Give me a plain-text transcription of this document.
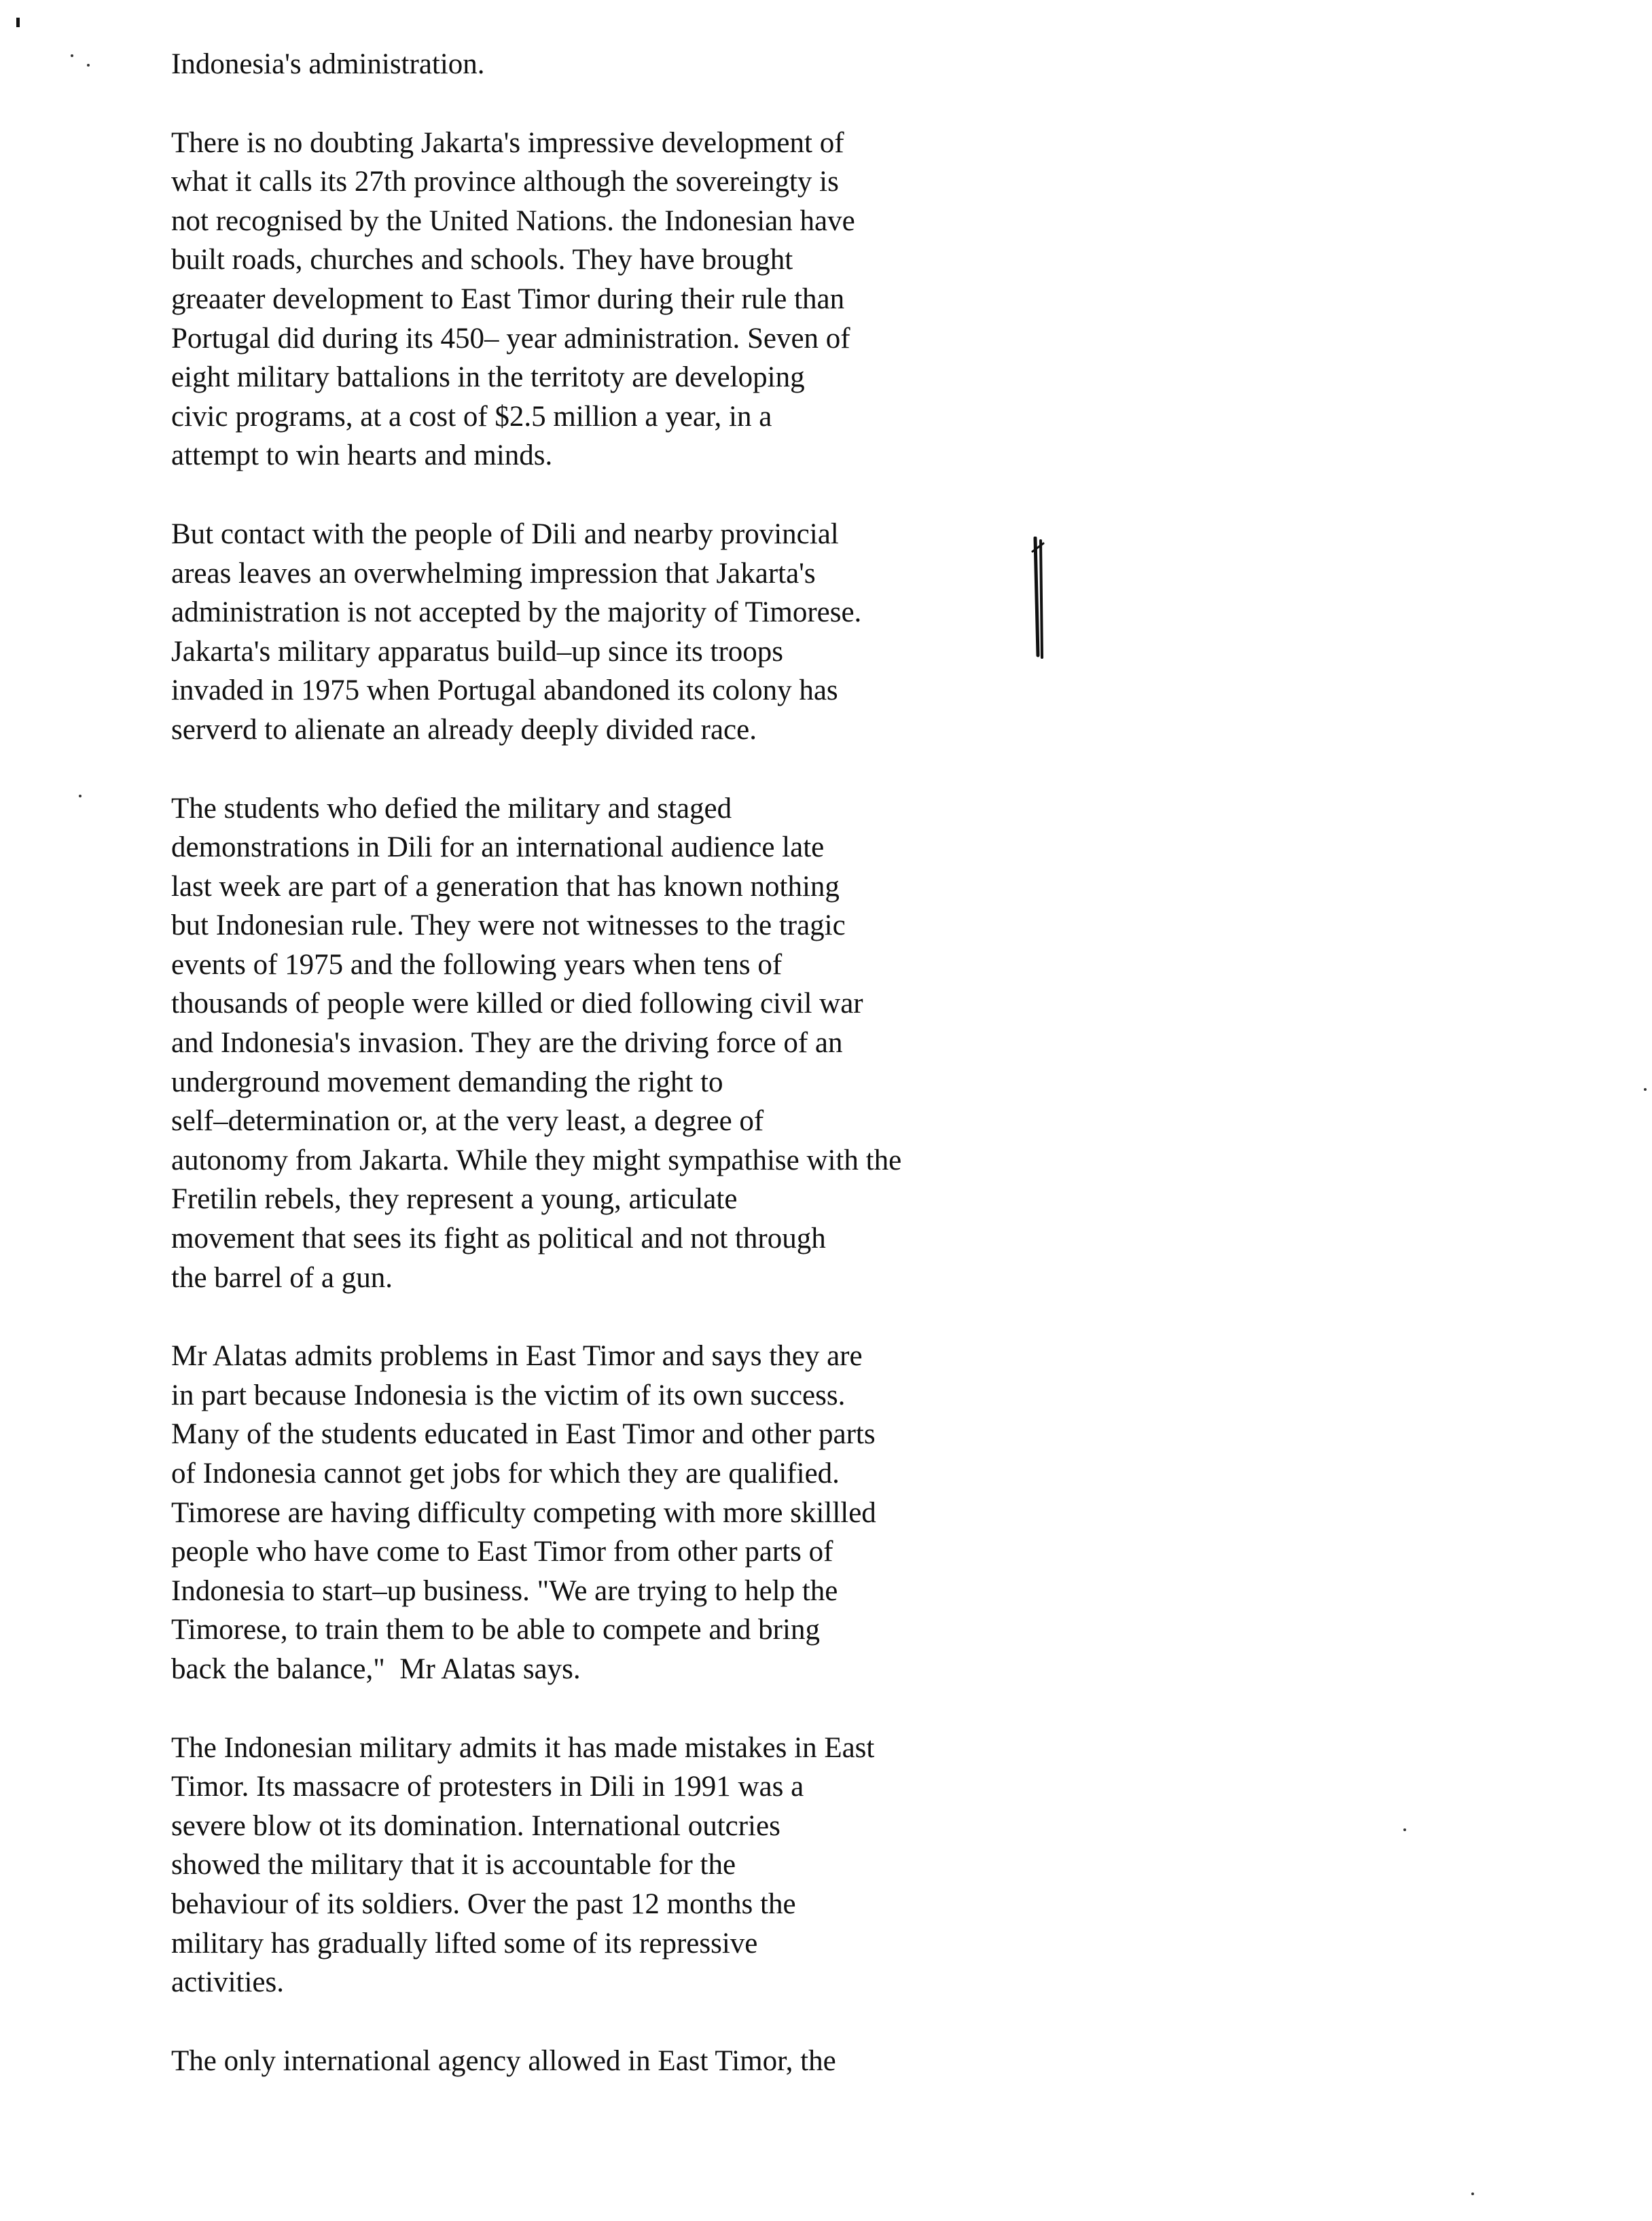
Indonesia's administration.

There is no doubting Jakarta's impressive development of
what it calls its 27th province although the sovereingty is
not recognised by the United Nations. the Indonesian have
built roads, churches and schools. They have brought
greaater development to East Timor during their rule than
Portugal did during its 450– year administration. Seven of
eight military battalions in the territoty are developing
civic programs, at a cost of $2.5 million a year, in a
attempt to win hearts and minds.

But contact with the people of Dili and nearby provincial
areas leaves an overwhelming impression that Jakarta's
administration is not accepted by the majority of Timorese.
Jakarta's military apparatus build–up since its troops
invaded in 1975 when Portugal abandoned its colony has
serverd to alienate an already deeply divided race.

The students who defied the military and staged
demonstrations in Dili for an international audience late
last week are part of a generation that has known nothing
but Indonesian rule. They were not witnesses to the tragic
events of 1975 and the following years when tens of
thousands of people were killed or died following civil war
and Indonesia's invasion. They are the driving force of an
underground movement demanding the right to
self–determination or, at the very least, a degree of
autonomy from Jakarta. While they might sympathise with the
Fretilin rebels, they represent a young, articulate
movement that sees its fight as political and not through
the barrel of a gun.

Mr Alatas admits problems in East Timor and says they are
in part because Indonesia is the victim of its own success.
Many of the students educated in East Timor and other parts
of Indonesia cannot get jobs for which they are qualified.
Timorese are having difficulty competing with more skillled
people who have come to East Timor from other parts of
Indonesia to start–up business. "We are trying to help the
Timorese, to train them to be able to compete and bring
back the balance,"  Mr Alatas says.

The Indonesian military admits it has made mistakes in East
Timor. Its massacre of protesters in Dili in 1991 was a
severe blow ot its domination. International outcries
showed the military that it is accountable for the
behaviour of its soldiers. Over the past 12 months the
military has gradually lifted some of its repressive
activities.

The only international agency allowed in East Timor, the
